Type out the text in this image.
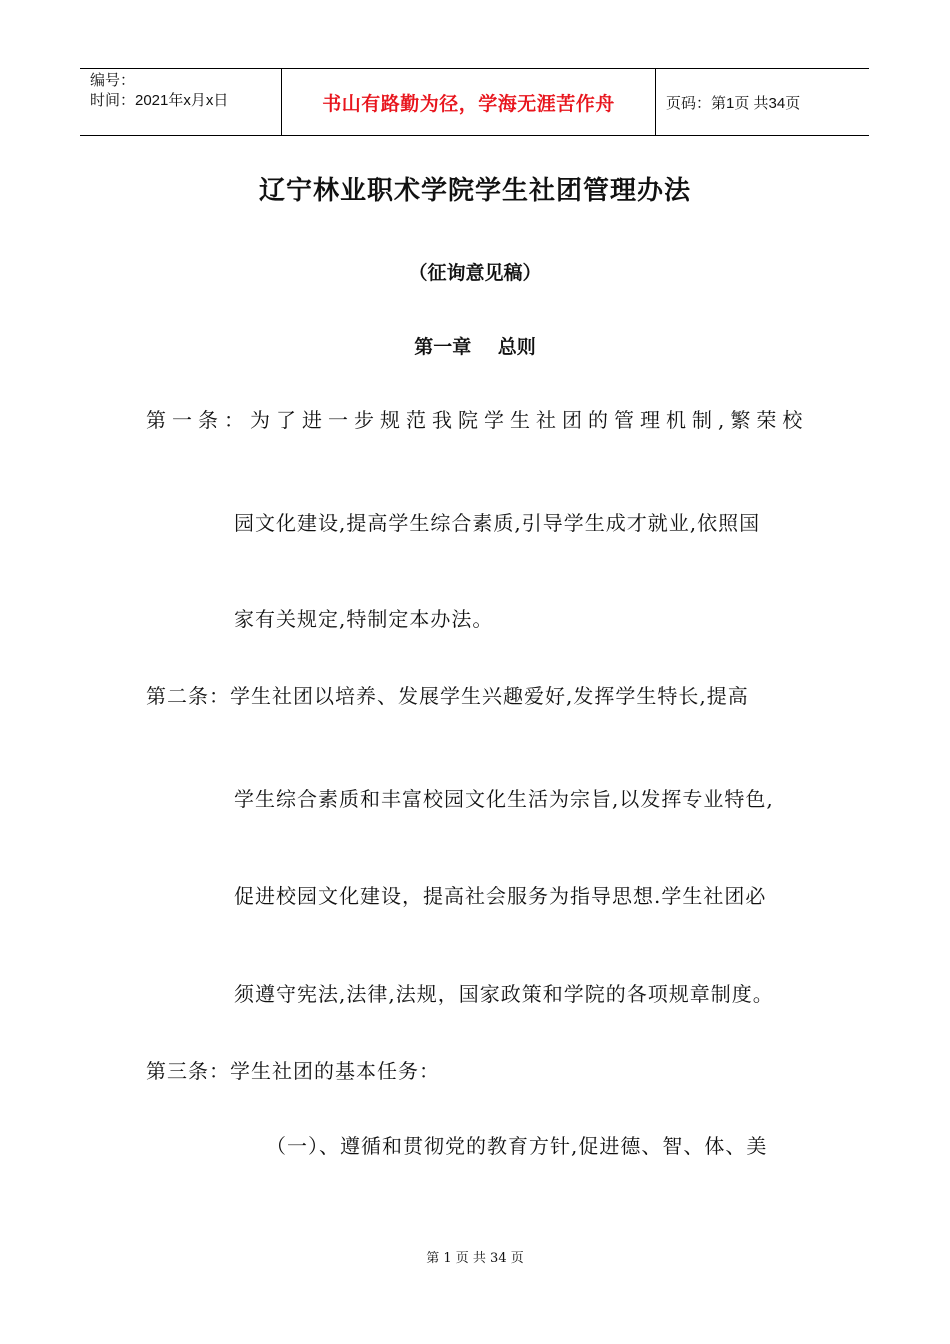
编号：
时间：2021年x月x日	书山有路勤为径，学海无涯苦作舟	页码：第1页 共34页
辽宁林业职术学院学生社团管理办法
（征询意见稿）
第一章    总则
第一条：为了进一步规范我院学生社团的管理机制,繁荣校
园文化建设,提高学生综合素质,引导学生成才就业,依照国
家有关规定,特制定本办法。
第二条：学生社团以培养、发展学生兴趣爱好,发挥学生特长,提高
学生综合素质和丰富校园文化生活为宗旨,以发挥专业特色,
促进校园文化建设，提高社会服务为指导思想.学生社团必
须遵守宪法,法律,法规，国家政策和学院的各项规章制度。
第三条：学生社团的基本任务：
（一）、遵循和贯彻党的教育方针,促进德、智、体、美
第 1 页 共 34 页
